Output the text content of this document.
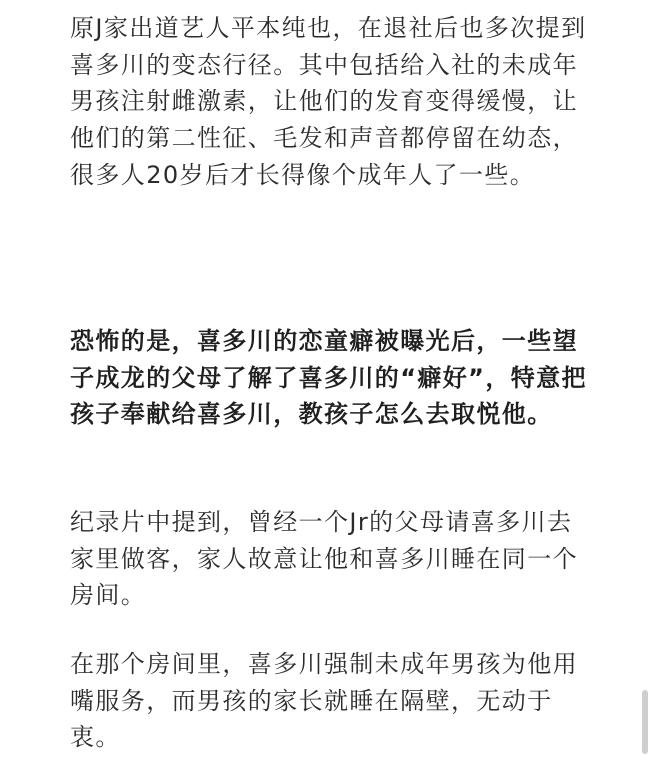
原J家出道艺人平本纯也，在退社后也多次提到喜多川的变态行径。其中包括给入社的未成年男孩注射雌激素，让他们的发育变得缓慢，让他们的第二性征、毛发和声音都停留在幼态，很多人20岁后才长得像个成年人了一些。

恐怖的是，喜多川的恋童癖被曝光后，一些望子成龙的父母了解了喜多川的“癖好”，特意把孩子奉献给喜多川，教孩子怎么去取悦他。

纪录片中提到，曾经一个Jr的父母请喜多川去家里做客，家人故意让他和喜多川睡在同一个房间。

在那个房间里，喜多川强制未成年男孩为他用嘴服务，而男孩的家长就睡在隔壁，无动于衷。
